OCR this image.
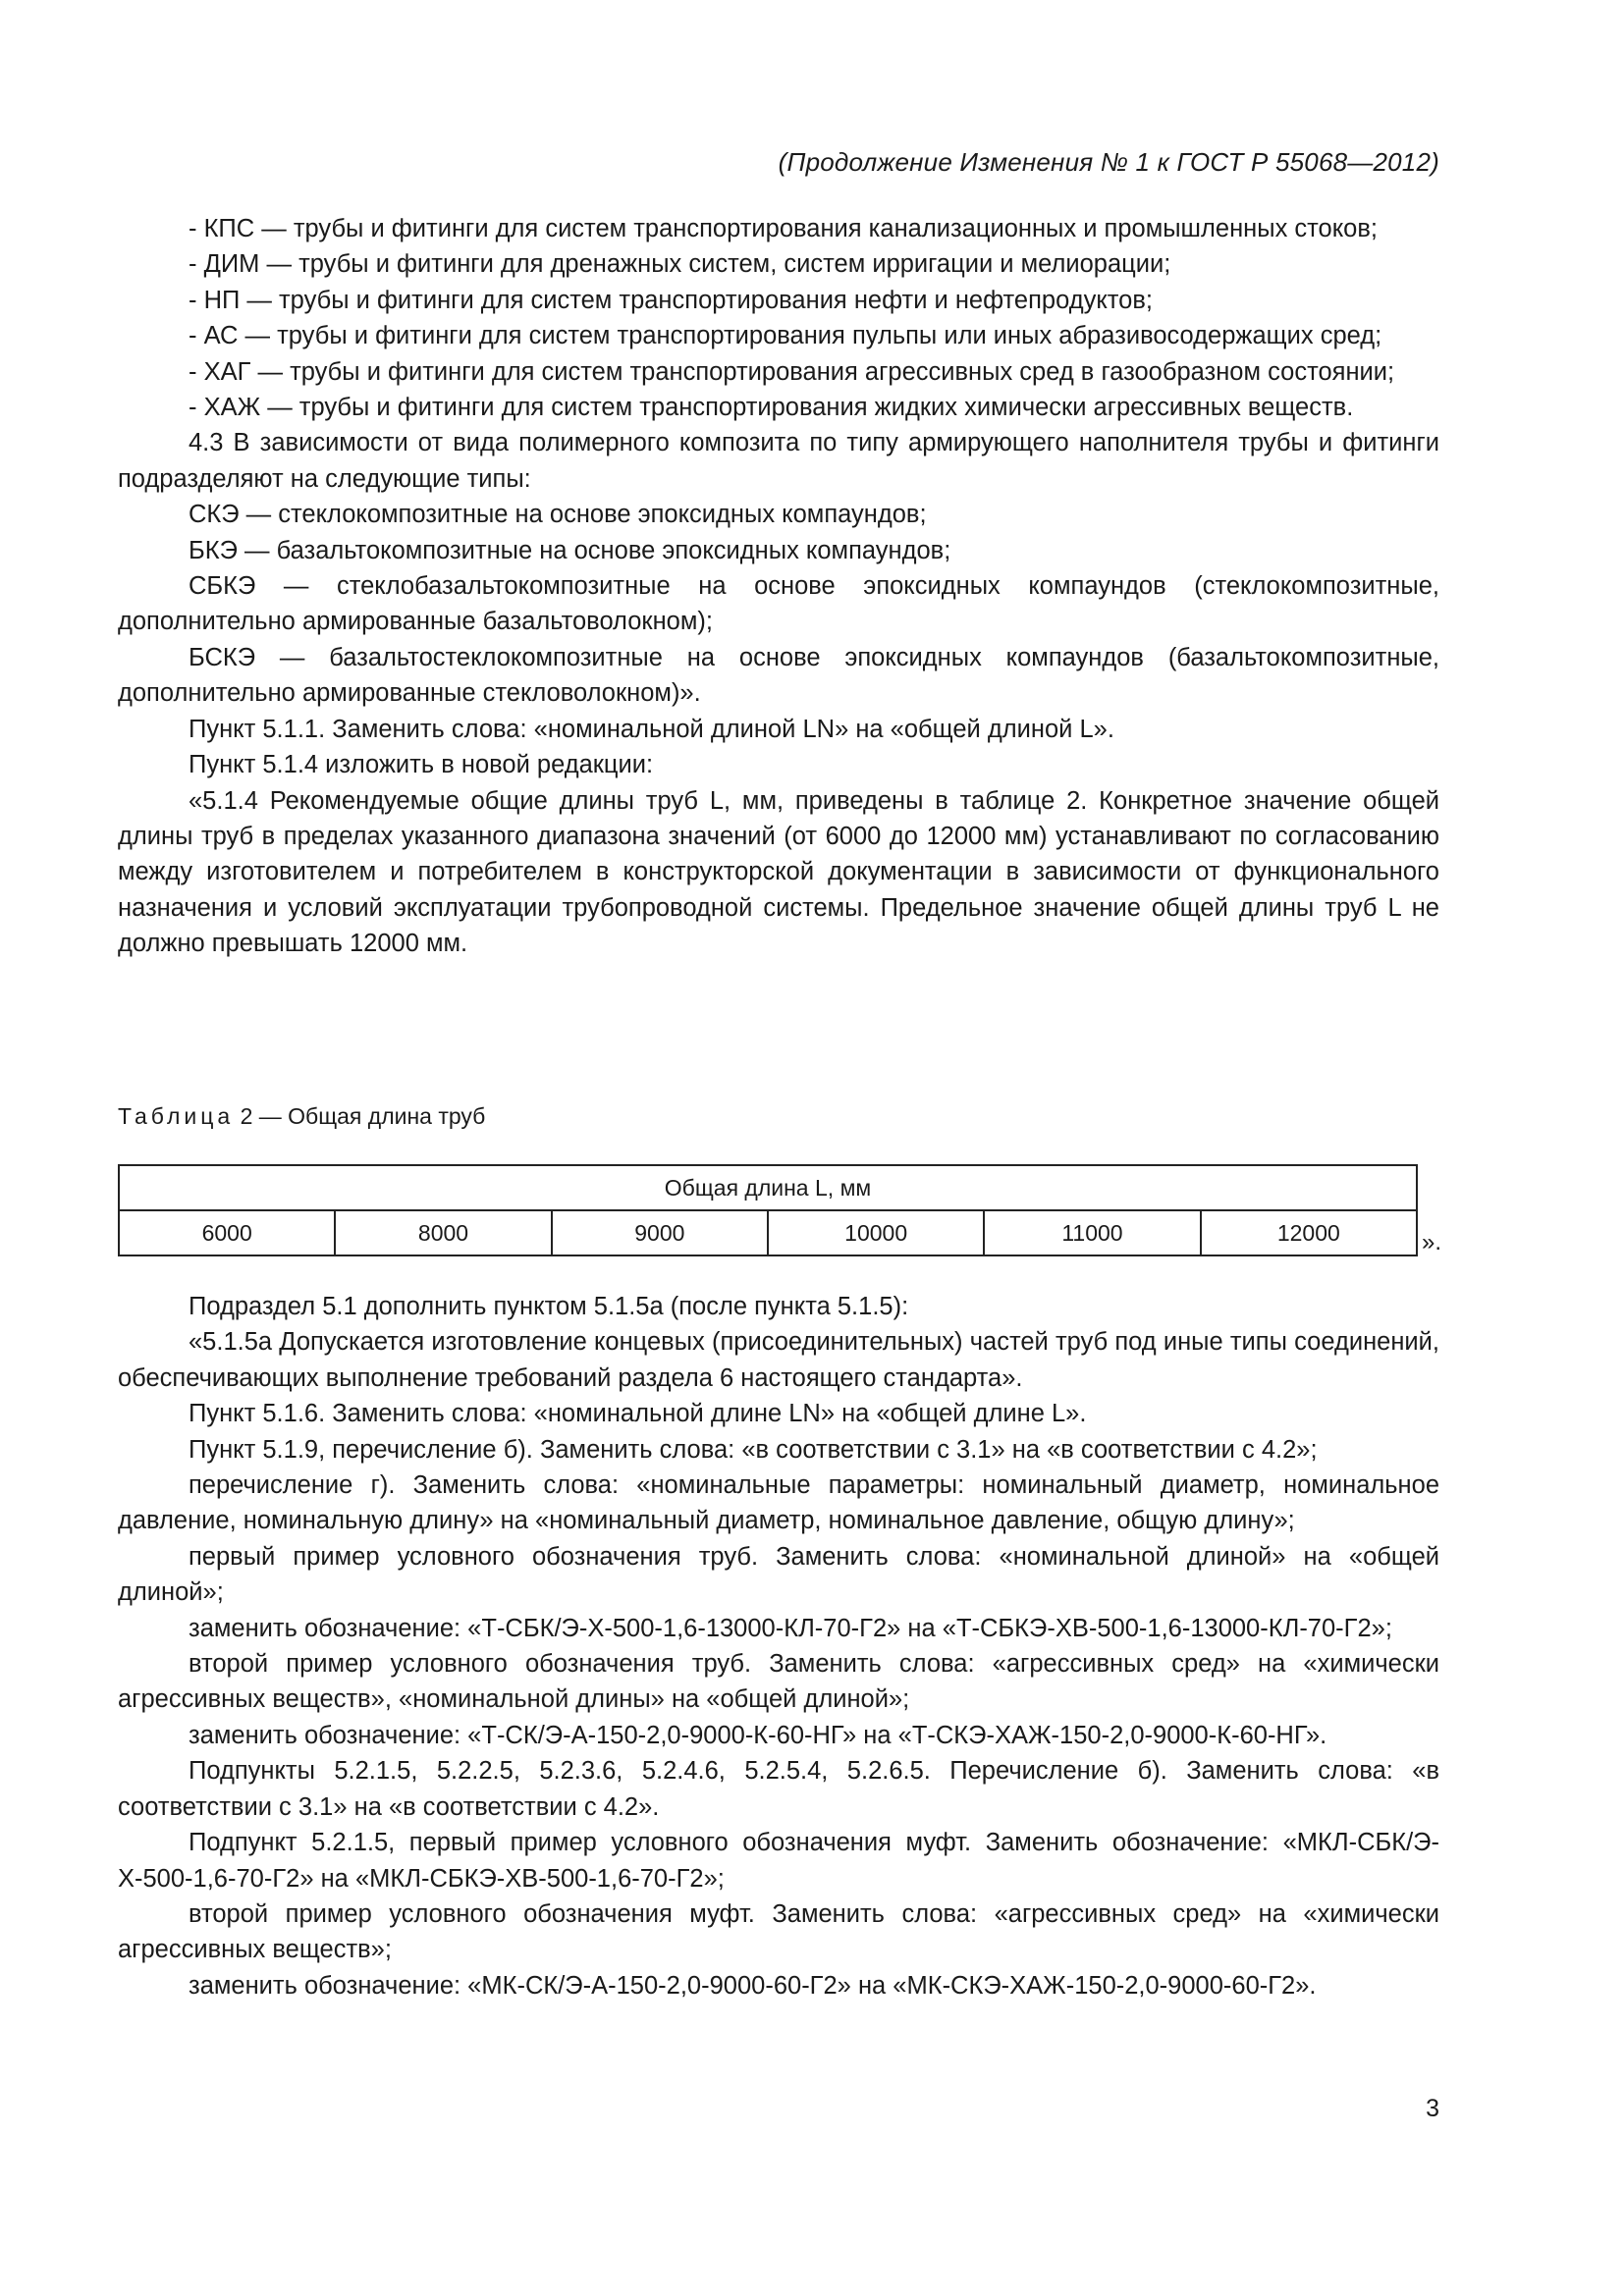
(Продолжение Изменения № 1 к ГОСТ Р 55068—2012)

- КПС — трубы и фитинги для систем транспортирования канализационных и промышленных стоков;

- ДИМ — трубы и фитинги для дренажных систем, систем ирригации и мелиорации;

- НП — трубы и фитинги для систем транспортирования нефти и нефтепродуктов;

- АС — трубы и фитинги для систем транспортирования пульпы или иных абразивосодержащих сред;

- ХАГ — трубы и фитинги для систем транспортирования агрессивных сред в газообразном состоянии;

- ХАЖ — трубы и фитинги для систем транспортирования жидких химически агрессивных веществ.

4.3 В зависимости от вида полимерного композита по типу армирующего наполнителя трубы и фитинги подразделяют на следующие типы:

СКЭ — стеклокомпозитные на основе эпоксидных компаундов;

БКЭ — базальтокомпозитные на основе эпоксидных компаундов;

СБКЭ — стеклобазальтокомпозитные на основе эпоксидных компаундов (стеклокомпозитные, дополнительно армированные базальтоволокном);

БСКЭ — базальтостеклокомпозитные на основе эпоксидных компаундов (базальтокомпозитные, дополнительно армированные стекловолокном)».

Пункт 5.1.1. Заменить слова: «номинальной длиной LN» на «общей длиной L».

Пункт 5.1.4 изложить в новой редакции:

«5.1.4 Рекомендуемые общие длины труб L, мм, приведены в таблице 2. Конкретное значение общей длины труб в пределах указанного диапазона значений (от 6000 до 12000 мм) устанавливают по согласованию между изготовителем и потребителем в конструкторской документации в зависимости от функционального назначения и условий эксплуатации трубопроводной системы. Предельное значение общей длины труб L не должно превышать 12000 мм.

Таблица 2 — Общая длина труб
Общая длина L, мм
6000	8000	9000	10000	11000	12000	».

Подраздел 5.1 дополнить пунктом 5.1.5а (после пункта 5.1.5):

«5.1.5а Допускается изготовление концевых (присоединительных) частей труб под иные типы соединений, обеспечивающих выполнение требований раздела 6 настоящего стандарта».

Пункт 5.1.6. Заменить слова: «номинальной длине LN» на «общей длине L».

Пункт 5.1.9, перечисление б). Заменить слова: «в соответствии с 3.1» на «в соответствии с 4.2»;

перечисление г). Заменить слова: «номинальные параметры: номинальный диаметр, номинальное давление, номинальную длину» на «номинальный диаметр, номинальное давление, общую длину»;

первый пример условного обозначения труб. Заменить слова: «номинальной длиной» на «общей длиной»;

заменить обозначение: «Т-СБК/Э-Х-500-1,6-13000-КЛ-70-Г2» на «Т-СБКЭ-ХВ-500-1,6-13000-КЛ-70-Г2»;

второй пример условного обозначения труб. Заменить слова: «агрессивных сред» на «химически агрессивных веществ», «номинальной длины» на «общей длиной»;

заменить обозначение: «Т-СК/Э-А-150-2,0-9000-К-60-НГ» на «Т-СКЭ-ХАЖ-150-2,0-9000-К-60-НГ».

Подпункты 5.2.1.5, 5.2.2.5, 5.2.3.6, 5.2.4.6, 5.2.5.4, 5.2.6.5. Перечисление б). Заменить слова: «в соответствии с 3.1» на «в соответствии с 4.2».

Подпункт 5.2.1.5, первый пример условного обозначения муфт. Заменить обозначение: «МКЛ-СБК/Э-Х-500-1,6-70-Г2» на «МКЛ-СБКЭ-ХВ-500-1,6-70-Г2»;

второй пример условного обозначения муфт. Заменить слова: «агрессивных сред» на «химически агрессивных веществ»;

заменить обозначение: «МК-СК/Э-А-150-2,0-9000-60-Г2» на «МК-СКЭ-ХАЖ-150-2,0-9000-60-Г2».

3
